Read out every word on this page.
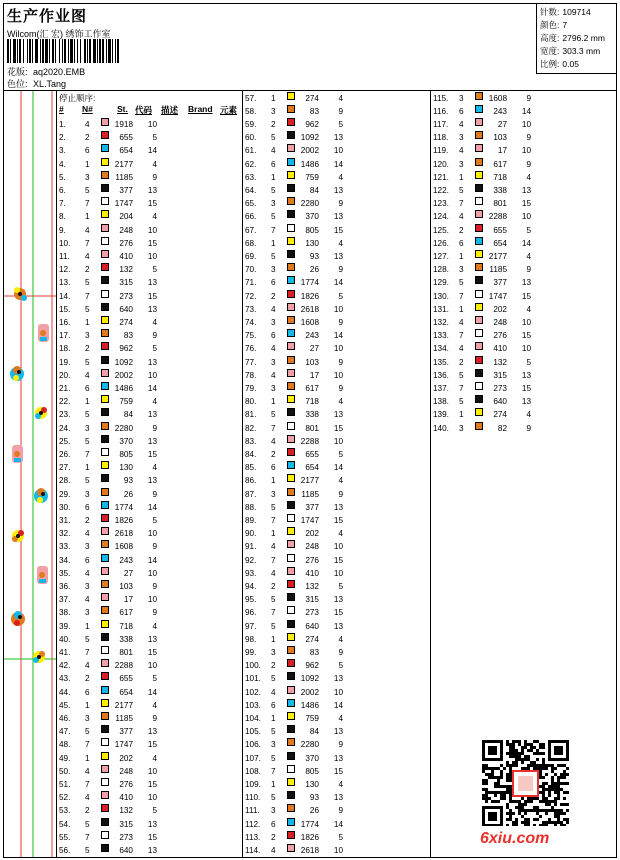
生产作业图
Wilcom(汇 宏) 绣饰工作室
花版: aq2020.EMB
色位: XL.Tang
针数: 109714
颜色: 7
高度: 2796.2 mm
宽度: 303.3 mm
比例: 0.05
停止顺序:
# N#	St. 代码 描述 Brand 元素
1. 4	1918	10
2. 2	655	5
3. 6	654	14
4. 1	2177	4
5. 3	1185	9
6. 5	377	13
7. 7	1747	15
8. 1	204	4
9. 4	248	10
10. 7	276	15
11. 4	410	10
12. 2	132	5
13. 5	315	13
14. 7	273	15
15. 5	640	13
16. 1	274	4
17. 3	83	9
18. 2	962	5
19. 5	1092	13
20. 4	2002	10
21. 6	1486	14
22. 1	759	4
23. 5	84	13
24. 3	2280	9
25. 5	370	13
26. 7	805	15
27. 1	130	4
28. 5	93	13
29. 3	26	9
30. 6	1774	14
31. 2	1826	5
32. 4	2618	10
33. 3	1608	9
34. 6	243	14
35. 4	27	10
36. 3	103	9
37. 4	17	10
38. 3	617	9
39. 1	718	4
40. 5	338	13
41. 7	801	15
42. 4	2288	10
43. 2	655	5
44. 6	654	14
45. 1	2177	4
46. 3	1185	9
47. 5	377	13
48. 7	1747	15
49. 1	202	4
50. 4	248	10
51. 7	276	15
52. 4	410	10
53. 2	132	5
54. 5	315	13
55. 7	273	15
56. 5	640	13
57. 1	274	4
58. 3	83	9
59. 2	962	5
60. 5	1092	13
61. 4	2002	10
62. 6	1486	14
63. 1	759	4
64. 5	84	13
65. 3	2280	9
66. 5	370	13
67. 7	805	15
68. 1	130	4
69. 5	93	13
70. 3	26	9
71. 6	1774	14
72. 2	1826	5
73. 4	2618	10
74. 3	1608	9
75. 6	243	14
76. 4	27	10
77. 3	103	9
78. 4	17	10
79. 3	617	9
80. 1	718	4
81. 5	338	13
82. 7	801	15
83. 4	2288	10
84. 2	655	5
85. 6	654	14
86. 1	2177	4
87. 3	1185	9
88. 5	377	13
89. 7	1747	15
90. 1	202	4
91. 4	248	10
92. 7	276	15
93. 4	410	10
94. 2	132	5
95. 5	315	13
96. 7	273	15
97. 5	640	13
98. 1	274	4
99. 3	83	9
100. 2	962	5
101. 5	1092	13
102. 4	2002	10
103. 6	1486	14
104. 1	759	4
105. 5	84	13
106. 3	2280	9
107. 5	370	13
108. 7	805	15
109. 1	130	4
110. 5	93	13
111. 3	26	9
112. 6	1774	14
113. 2	1826	5
114. 4	2618	10
115. 3	1608	9
116. 6	243	14
117. 4	27	10
118. 3	103	9
119. 4	17	10
120. 3	617	9
121. 1	718	4
122. 5	338	13
123. 7	801	15
124. 4	2288	10
125. 2	655	5
126. 6	654	14
127. 1	2177	4
128. 3	1185	9
129. 5	377	13
130. 7	1747	15
131. 1	202	4
132. 4	248	10
133. 7	276	15
134. 4	410	10
135. 2	132	5
136. 5	315	13
137. 7	273	15
138. 5	640	13
139. 1	274	4
140. 3	82	9
6xiu.com
